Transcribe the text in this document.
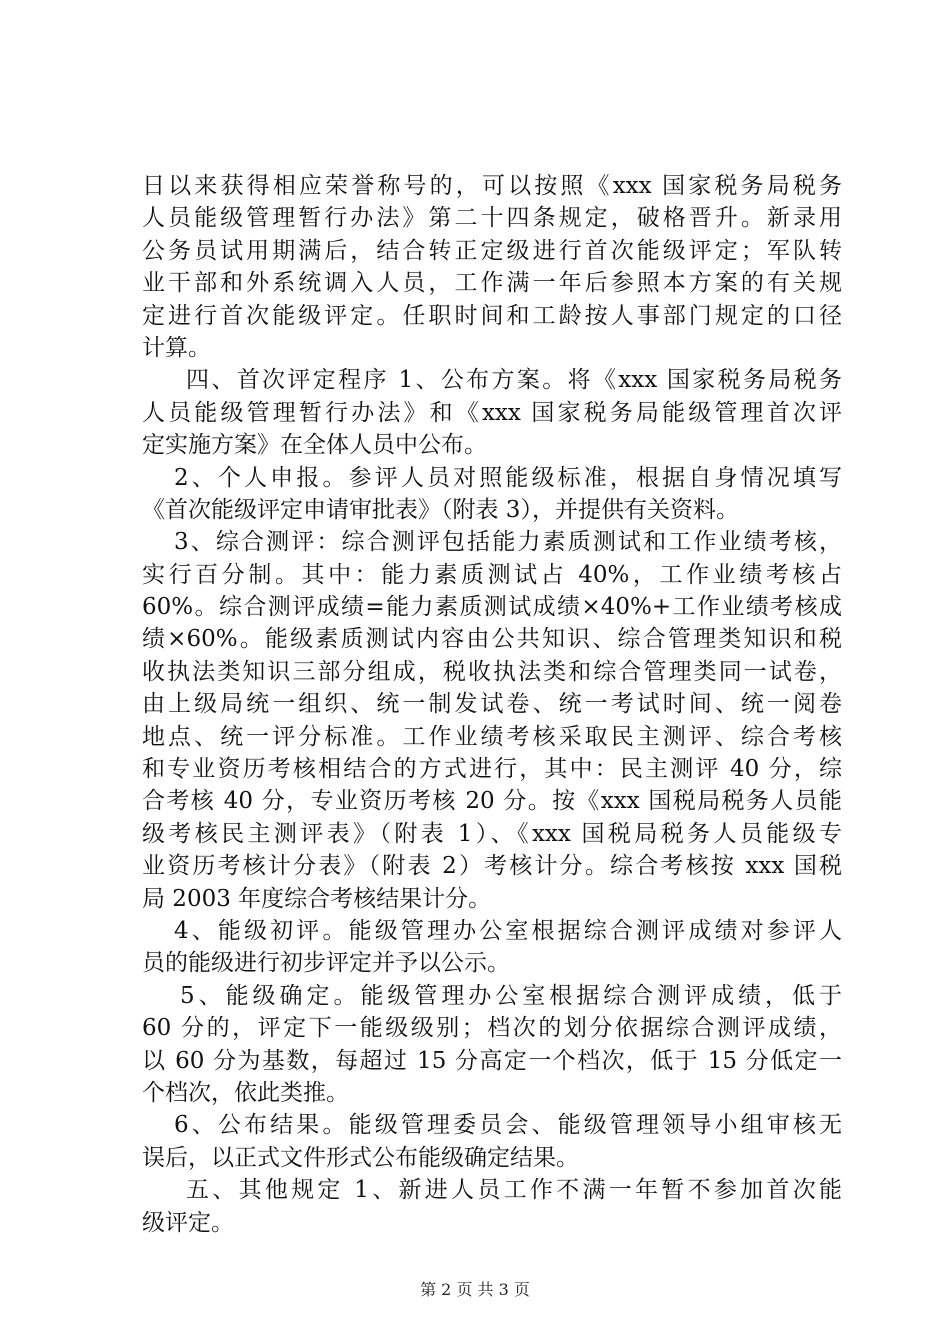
日以来获得相应荣誉称号的，可以按照《xxx 国家税务局税务
人员能级管理暂行办法》第二十四条规定，破格晋升。新录用
公务员试用期满后，结合转正定级进行首次能级评定；军队转
业干部和外系统调入人员，工作满一年后参照本方案的有关规
定进行首次能级评定。任职时间和工龄按人事部门规定的口径
计算。
四、首次评定程序 1、公布方案。将《xxx 国家税务局税务
人员能级管理暂行办法》和《xxx 国家税务局能级管理首次评
定实施方案》在全体人员中公布。
2、个人申报。参评人员对照能级标准，根据自身情况填写
《首次能级评定申请审批表》（附表 3），并提供有关资料。
3、综合测评：综合测评包括能力素质测试和工作业绩考核，
实行百分制。其中：能力素质测试占 40%，工作业绩考核占
60%。综合测评成绩=能力素质测试成绩×40%+工作业绩考核成
绩×60%。能级素质测试内容由公共知识、综合管理类知识和税
收执法类知识三部分组成，税收执法类和综合管理类同一试卷，
由上级局统一组织、统一制发试卷、统一考试时间、统一阅卷
地点、统一评分标准。工作业绩考核采取民主测评、综合考核
和专业资历考核相结合的方式进行，其中：民主测评 40 分，综
合考核 40 分，专业资历考核 20 分。按《xxx 国税局税务人员能
级考核民主测评表》（附表 1）、《xxx 国税局税务人员能级专
业资历考核计分表》（附表 2）考核计分。综合考核按 xxx 国税
局 2003 年度综合考核结果计分。
4、能级初评。能级管理办公室根据综合测评成绩对参评人
员的能级进行初步评定并予以公示。
5、能级确定。能级管理办公室根据综合测评成绩，低于
60 分的，评定下一能级级别；档次的划分依据综合测评成绩，
以 60 分为基数，每超过 15 分高定一个档次，低于 15 分低定一
个档次，依此类推。
6、公布结果。能级管理委员会、能级管理领导小组审核无
误后，以正式文件形式公布能级确定结果。
五、其他规定 1、新进人员工作不满一年暂不参加首次能
级评定。
第 2 页 共 3 页
